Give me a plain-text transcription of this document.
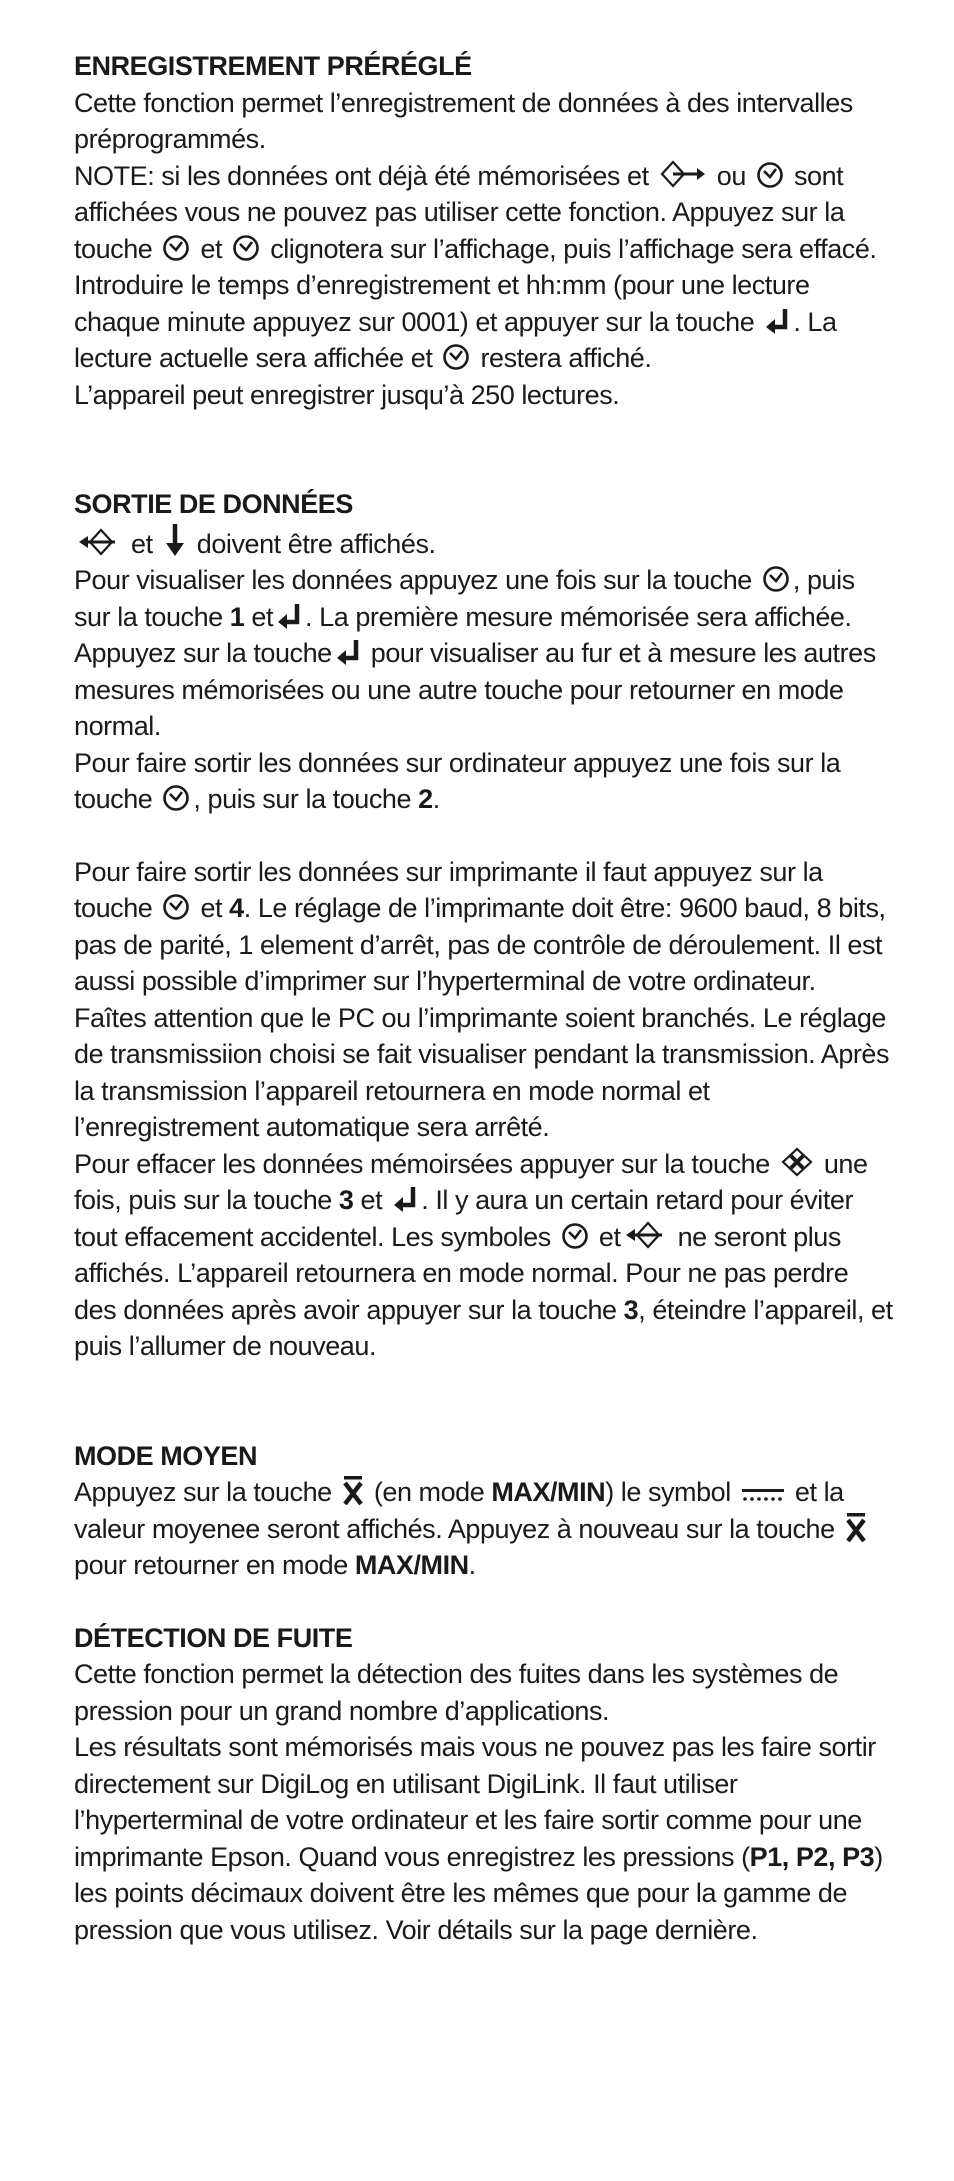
ENREGISTREMENT PRÉRÉGLÉ

Cette fonction permet l’enregistrement de données à des intervalles préprogrammés.

NOTE: si les données ont déjà été mémorisées et
ou
sont affichées vous ne pouvez pas utiliser cette fonction. Appuyez sur la touche
et
clignotera sur l’affichage, puis l’affichage sera effacé. Introduire le temps d’enregistrement et hh:mm (pour une lecture chaque minute appuyez sur 0001) et appuyer sur la touche
. La lecture actuelle sera affichée et
restera affiché.

L’appareil peut enregistrer jusqu’à 250 lectures.

SORTIE DE DONNÉES

et
doivent être affichés.

Pour visualiser les données appuyez une fois sur la touche
, puis sur la touche 1 et . La première mesure mémorisée sera affichée. Appuyez sur la touche
pour visualiser au fur et à mesure les autres mesures mémorisées ou une autre touche pour retourner en mode normal.

Pour faire sortir les données sur ordinateur appuyez une fois sur la touche
, puis sur la touche 2.

Pour faire sortir les données sur imprimante il faut appuyez sur la touche
et 4. Le réglage de l’imprimante doit être: 9600 baud, 8 bits, pas de parité, 1 element d’arrêt, pas de contrôle de déroulement. Il est aussi possible d’imprimer sur l’hyperterminal de votre ordinateur. Faîtes attention que le PC ou l’imprimante soient branchés. Le réglage de transmissiion choisi se fait visualiser pendant la transmission. Après la transmission l’appareil retournera en mode normal et l’enregistrement automatique sera arrêté.

Pour effacer les données mémoirsées appuyer sur la touche
une fois, puis sur la touche 3 et
. Il y aura un certain retard pour éviter tout effacement accidentel. Les symboles
et
ne seront plus affichés. L’appareil retournera en mode normal. Pour ne pas perdre des données après avoir appuyer sur la touche 3, éteindre l’appareil, et puis l’allumer de nouveau.

MODE MOYEN

Appuyez sur la touche
(en mode MAX/MIN) le symbol
et la valeur moyenee seront affichés. Appuyez à nouveau sur la touche
pour retourner en mode MAX/MIN.

DÉTECTION DE FUITE

Cette fonction permet la détection des fuites dans les systèmes de pression pour un grand nombre d’applications.

Les résultats sont mémorisés mais vous ne pouvez pas les faire sortir directement sur DigiLog en utilisant DigiLink. Il faut utiliser l’hyperterminal de votre ordinateur et les faire sortir comme pour une imprimante Epson. Quand vous enregistrez les pressions (P1, P2, P3) les points décimaux doivent être les mêmes que pour la gamme de pression que vous utilisez. Voir détails sur la page dernière.
